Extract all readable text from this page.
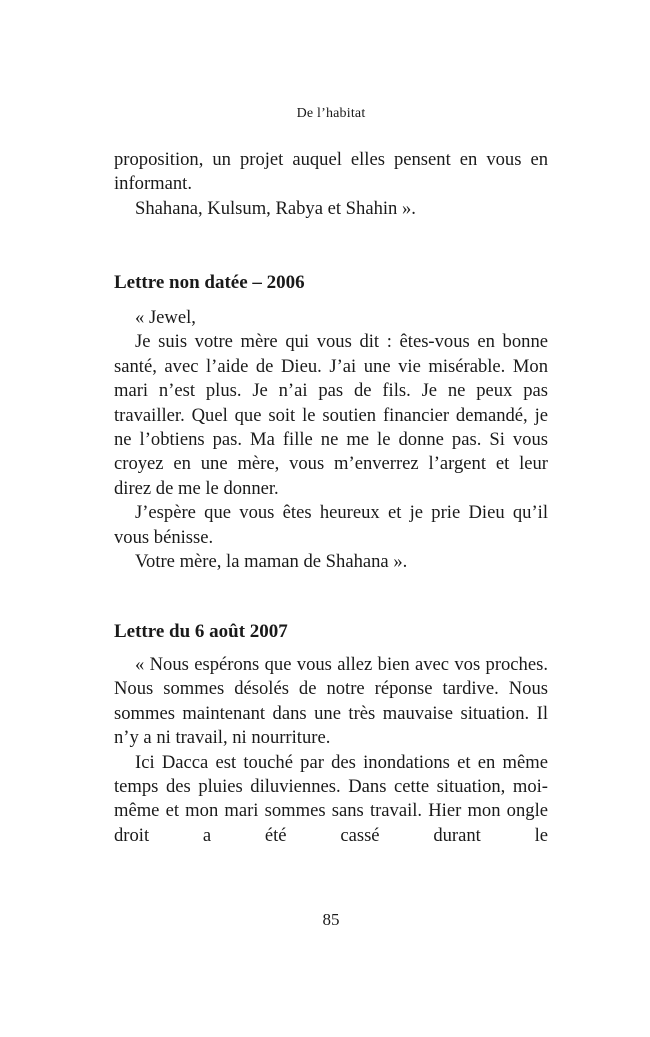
De l’habitat

proposition, un projet auquel elles pensent en vous en informant.

Shahana, Kulsum, Rabya et Shahin ».

Lettre non datée – 2006

« Jewel,

Je suis votre mère qui vous dit : êtes-vous en bonne santé, avec l’aide de Dieu. J’ai une vie misérable. Mon mari n’est plus. Je n’ai pas de fils. Je ne peux pas travailler. Quel que soit le soutien financier demandé, je ne l’obtiens pas. Ma fille ne me le donne pas. Si vous croyez en une mère, vous m’enverrez l’argent et leur direz de me le donner.

J’espère que vous êtes heureux et je prie Dieu qu’il vous bénisse.

Votre mère, la maman de Shahana ».

Lettre du 6 août 2007

« Nous espérons que vous allez bien avec vos proches. Nous sommes désolés de notre réponse tardive. Nous sommes maintenant dans une très mauvaise situation. Il n’y a ni travail, ni nourriture.

Ici Dacca est touché par des inondations et en même temps des pluies diluviennes. Dans cette situation, moi-même et mon mari sommes sans travail. Hier mon ongle droit a été cassé durant le

85
